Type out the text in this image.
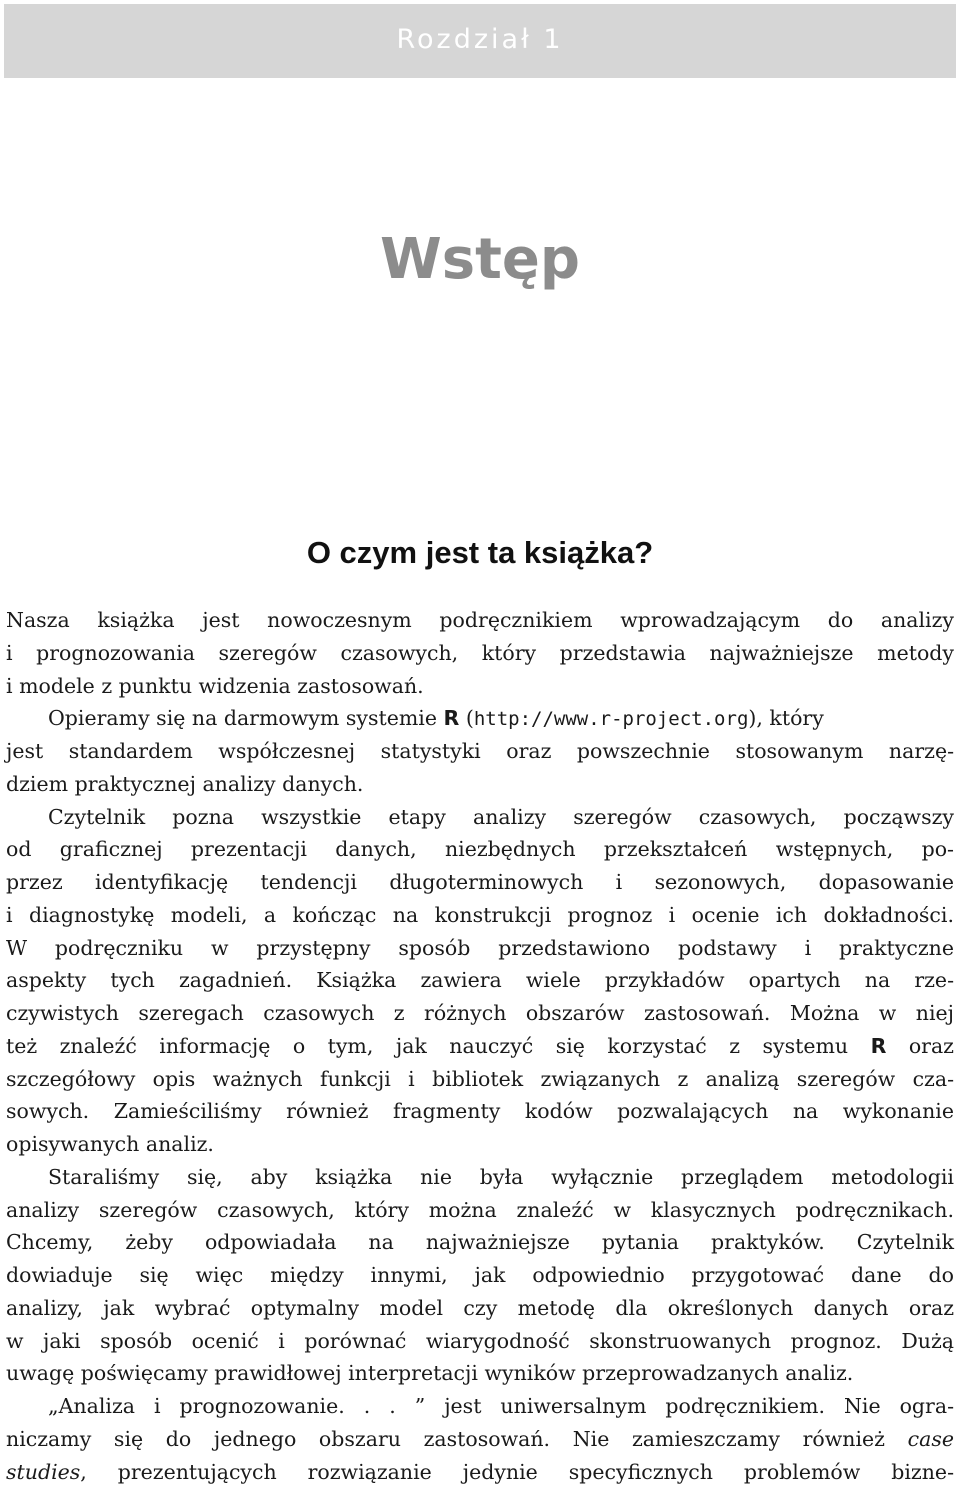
Rozdział 1
Wstęp
O czym jest ta książka?
Nasza książka jest nowoczesnym podręcznikiem wprowadzającym do analizy
i prognozowania szeregów czasowych, który przedstawia najważniejsze metody
i modele z punktu widzenia zastosowań.
Opieramy się na darmowym systemie R (http://www.r-project.org), który
jest standardem współczesnej statystyki oraz powszechnie stosowanym narzę-
dziem praktycznej analizy danych.
Czytelnik pozna wszystkie etapy analizy szeregów czasowych, począwszy
od graficznej prezentacji danych, niezbędnych przekształceń wstępnych, po-
przez identyfikację tendencji długoterminowych i sezonowych, dopasowanie
i diagnostykę modeli, a kończąc na konstrukcji prognoz i ocenie ich dokładności.
W podręczniku w przystępny sposób przedstawiono podstawy i praktyczne
aspekty tych zagadnień. Książka zawiera wiele przykładów opartych na rze-
czywistych szeregach czasowych z różnych obszarów zastosowań. Można w niej
też znaleźć informację o tym, jak nauczyć się korzystać z systemu R oraz
szczegółowy opis ważnych funkcji i bibliotek związanych z analizą szeregów cza-
sowych. Zamieściliśmy również fragmenty kodów pozwalających na wykonanie
opisywanych analiz.
Staraliśmy się, aby książka nie była wyłącznie przeglądem metodologii
analizy szeregów czasowych, który można znaleźć w klasycznych podręcznikach.
Chcemy, żeby odpowiadała na najważniejsze pytania praktyków. Czytelnik
dowiaduje się więc między innymi, jak odpowiednio przygotować dane do
analizy, jak wybrać optymalny model czy metodę dla określonych danych oraz
w jaki sposób ocenić i porównać wiarygodność skonstruowanych prognoz. Dużą
uwagę poświęcamy prawidłowej interpretacji wyników przeprowadzanych analiz.
„Analiza i prognozowanie. . . ” jest uniwersalnym podręcznikiem. Nie ogra-
niczamy się do jednego obszaru zastosowań. Nie zamieszczamy również case
studies, prezentujących rozwiązanie jedynie specyficznych problemów bizne-
